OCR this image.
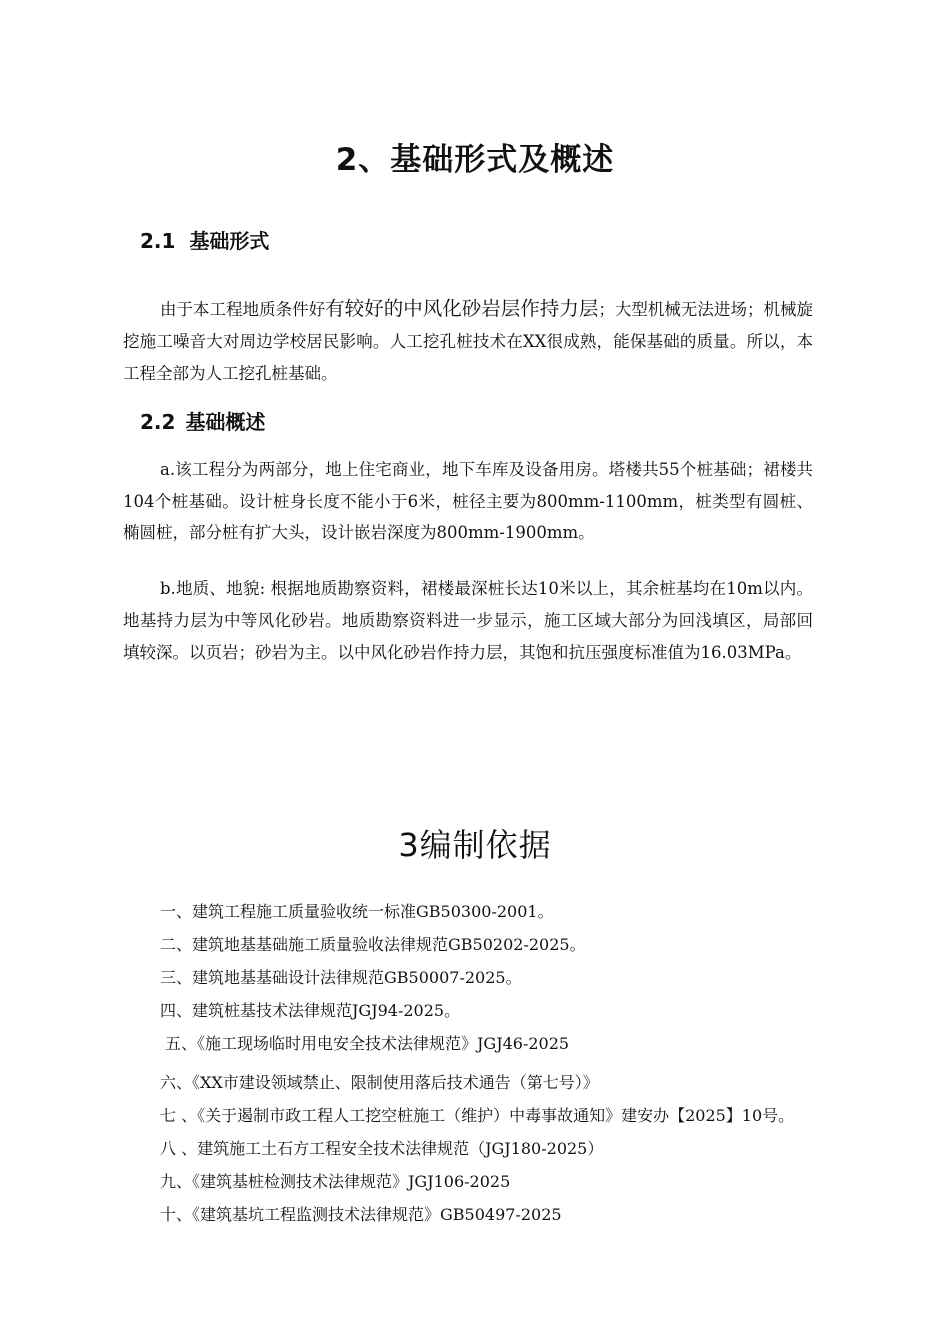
2、基础形式及概述
2.1 基础形式
由于本工程地质条件好有较好的中风化砂岩层作持力层；大型机械无法进场；机械旋挖施工噪音大对周边学校居民影响。人工挖孔桩技术在XX很成熟，能保基础的质量。所以，本工程全部为人工挖孔桩基础。
2.2 基础概述
a.该工程分为两部分，地上住宅商业，地下车库及设备用房。塔楼共55个桩基础；裙楼共104个桩基础。设计桩身长度不能小于6米，桩径主要为800mm-1100mm，桩类型有圆桩、椭圆桩，部分桩有扩大头，设计嵌岩深度为800mm-1900mm。
b.地质、地貌: 根据地质勘察资料，裙楼最深桩长达10米以上，其余桩基均在10m以内。地基持力层为中等风化砂岩。地质勘察资料进一步显示，施工区域大部分为回浅填区，局部回填较深。以页岩；砂岩为主。以中风化砂岩作持力层，其饱和抗压强度标准值为16.03MPa。
3编制依据
一、建筑工程施工质量验收统一标准GB50300-2001。
二、建筑地基基础施工质量验收法律规范GB50202-2025。
三、建筑地基基础设计法律规范GB50007-2025。
四、建筑桩基技术法律规范JGJ94-2025。
五、《施工现场临时用电安全技术法律规范》JGJ46-2025
六、《XX市建设领域禁止、限制使用落后技术通告（第七号）》
七 、《关于遏制市政工程人工挖空桩施工（维护）中毒事故通知》建安办【2025】10号。
八 、建筑施工土石方工程安全技术法律规范（JGJ180-2025）
九、《建筑基桩检测技术法律规范》JGJ106-2025
十、《建筑基坑工程监测技术法律规范》GB50497-2025
